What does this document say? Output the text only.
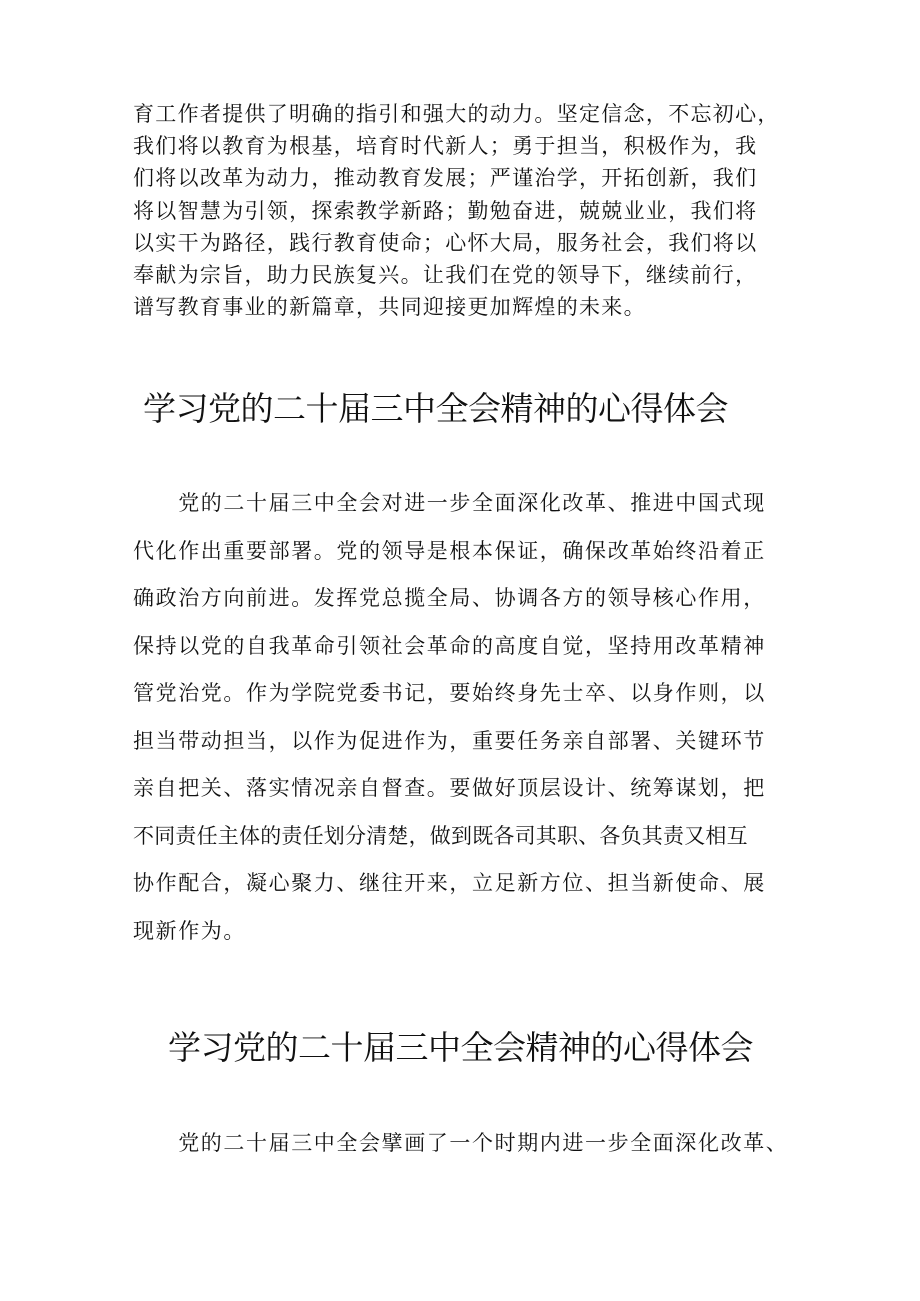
育工作者提供了明确的指引和强大的动力。坚定信念，不忘初心，
我们将以教育为根基，培育时代新人；勇于担当，积极作为，我
们将以改革为动力，推动教育发展；严谨治学，开拓创新，我们
将以智慧为引领，探索教学新路；勤勉奋进，兢兢业业，我们将
以实干为路径，践行教育使命；心怀大局，服务社会，我们将以
奉献为宗旨，助力民族复兴。让我们在党的领导下，继续前行，
谱写教育事业的新篇章，共同迎接更加辉煌的未来。
学习党的二十届三中全会精神的心得体会
　　党的二十届三中全会对进一步全面深化改革、推进中国式现
代化作出重要部署。党的领导是根本保证，确保改革始终沿着正
确政治方向前进。发挥党总揽全局、协调各方的领导核心作用，
保持以党的自我革命引领社会革命的高度自觉，坚持用改革精神
管党治党。作为学院党委书记，要始终身先士卒、以身作则，以
担当带动担当，以作为促进作为，重要任务亲自部署、关键环节
亲自把关、落实情况亲自督查。要做好顶层设计、统筹谋划，把
不同责任主体的责任划分清楚，做到既各司其职、各负其责又相互
协作配合，凝心聚力、继往开来，立足新方位、担当新使命、展
现新作为。
学习党的二十届三中全会精神的心得体会
　　党的二十届三中全会擘画了一个时期内进一步全面深化改革、
